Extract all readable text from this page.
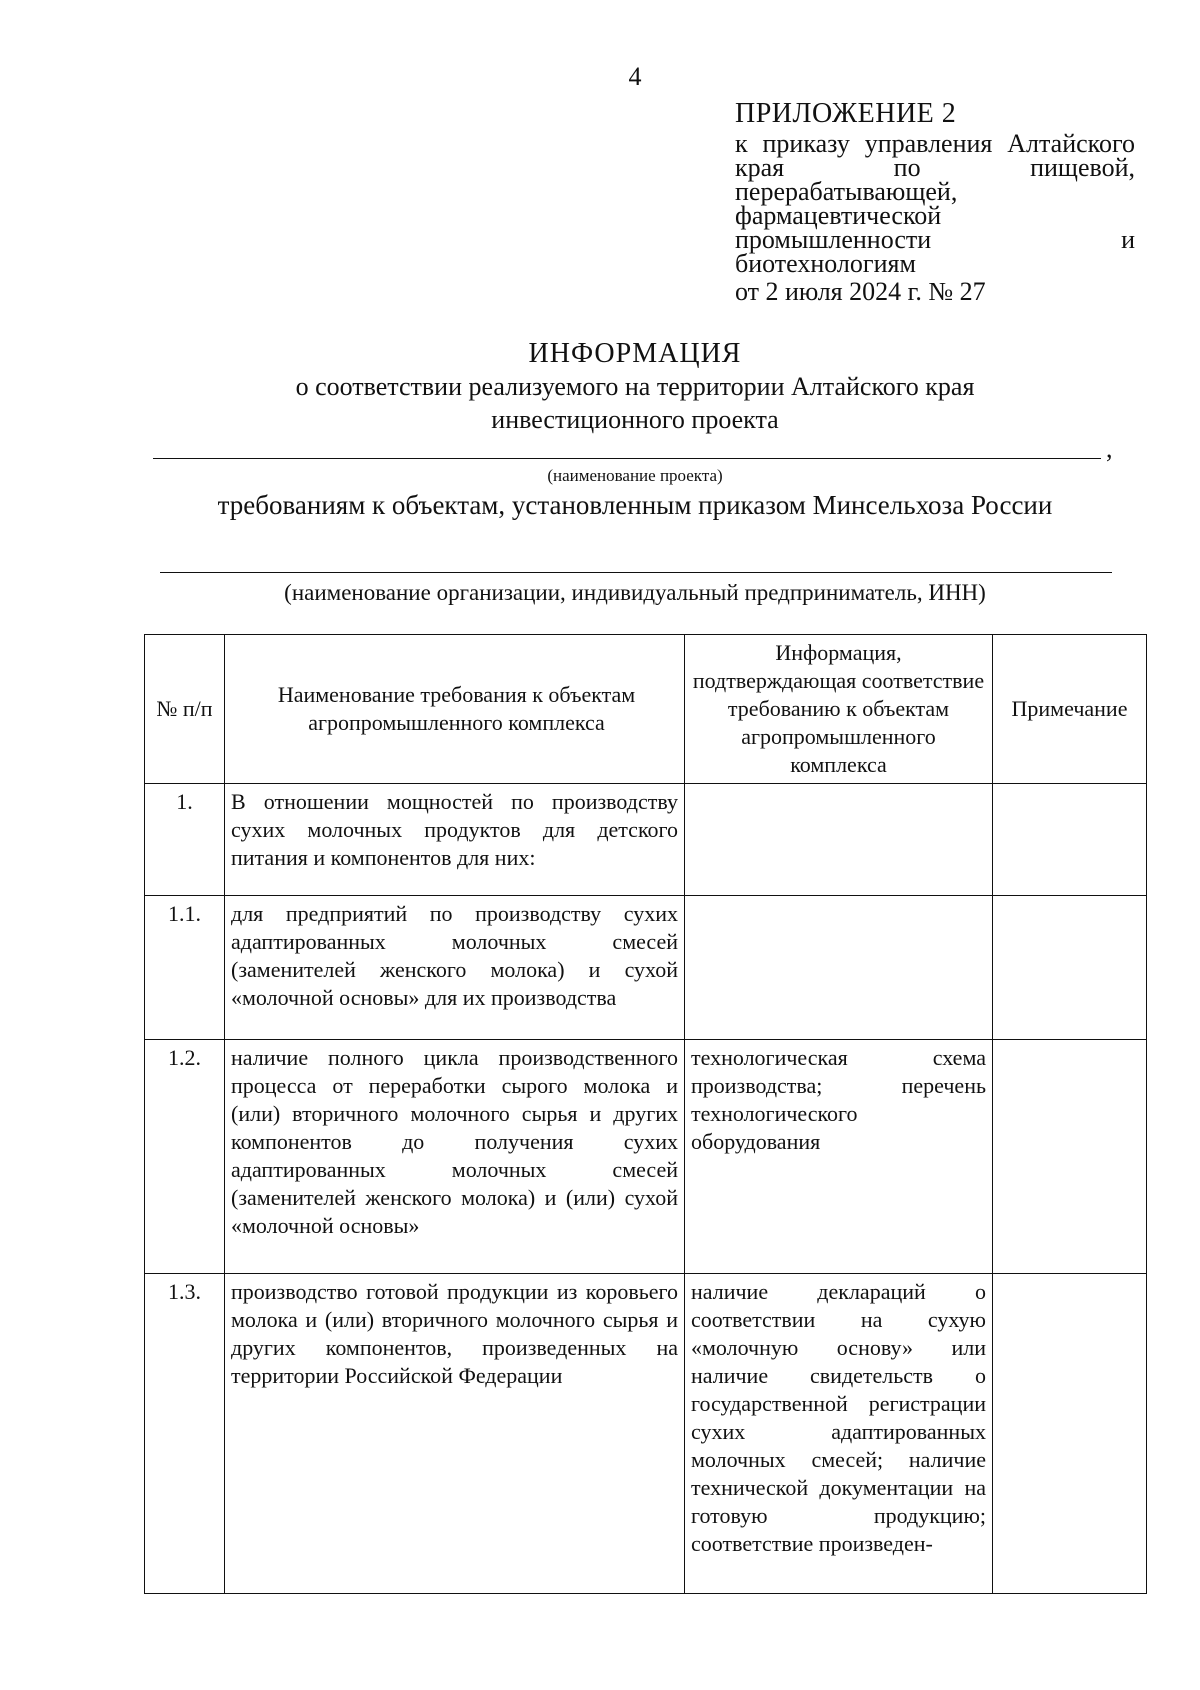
4
ПРИЛОЖЕНИЕ 2
к приказу управления Алтайского края по пищевой, перерабатывающей, фармацевтической промышленности и биотехнологиям
от 2 июля 2024 г. № 27
ИНФОРМАЦИЯ
о соответствии реализуемого на территории Алтайского края
инвестиционного проекта
,
(наименование проекта)
требованиям к объектам, установленным приказом Минсельхоза России
(наименование организации, индивидуальный предприниматель, ИНН)
№ п/п	Наименование требования к объектам агропромышленного комплекса	Информация, подтверждающая соответствие требованию к объектам агропромышленного комплекса	Примечание
1.	В отношении мощностей по производству сухих молочных продуктов для детского питания и компонентов для них:		
1.1.	для предприятий по производству сухих адаптированных молочных смесей (заменителей женского молока) и сухой «молочной основы» для их производства		
1.2.	наличие полного цикла производственного процесса от переработки сырого молока и (или) вторичного молочного сырья и других компонентов до получения сухих адаптированных молочных смесей (заменителей женского молока) и (или) сухой «молочной основы»	технологическая схема производства; перечень технологического оборудования	
1.3.	производство готовой продукции из коровьего молока и (или) вторичного молочного сырья и других компонентов, произведенных на территории Российской Федерации	наличие деклараций о соответствии на сухую «молочную основу» или наличие свидетельств о государственной регистрации сухих адаптированных молочных смесей; наличие технической документации на готовую продукцию; соответствие произведен-	
